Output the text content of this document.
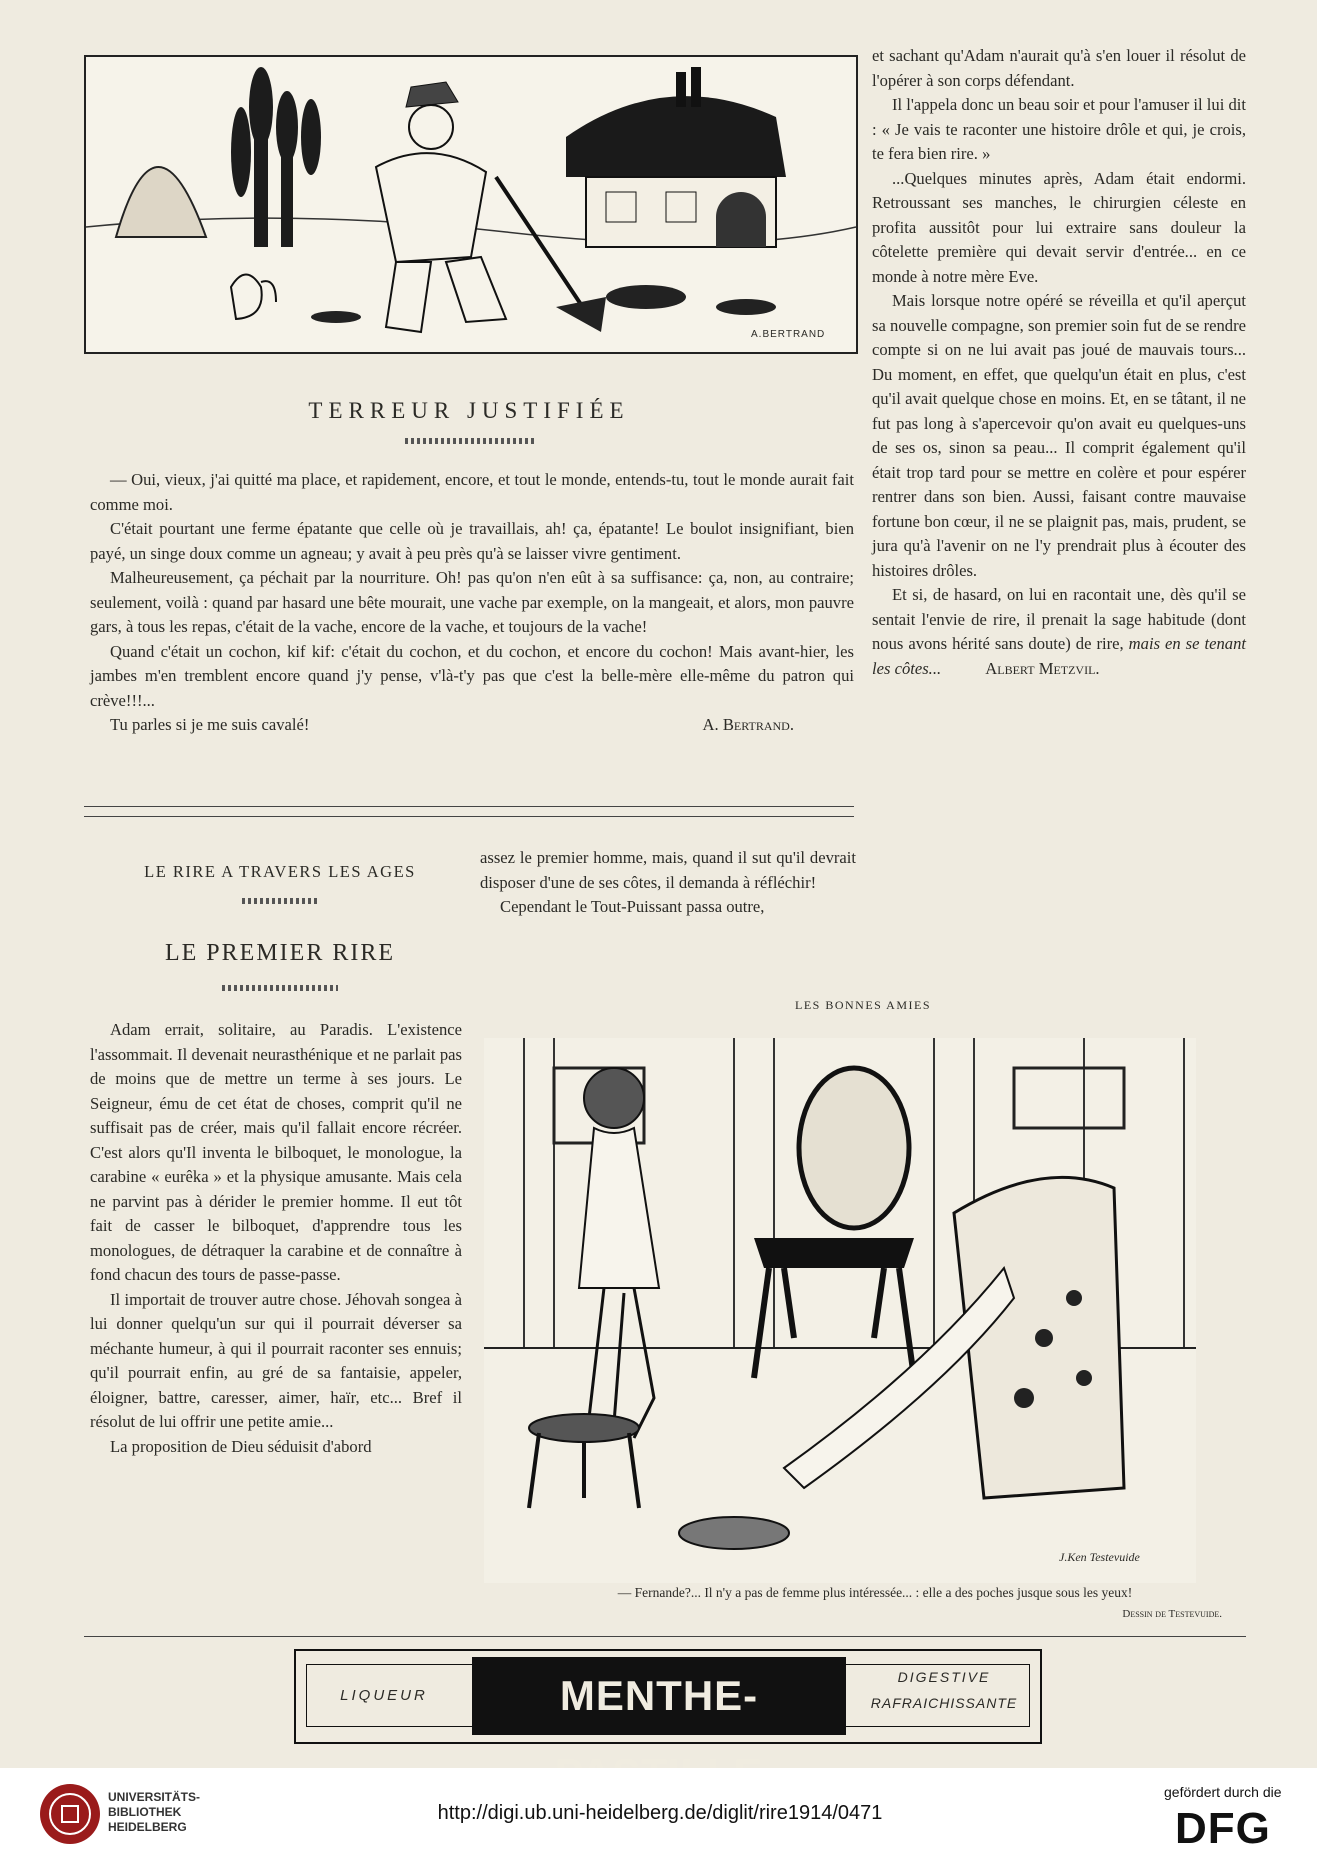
A.BERTRAND
TERREUR JUSTIFIÉE

— Oui, vieux, j'ai quitté ma place, et rapidement, encore, et tout le monde, entends-tu, tout le monde aurait fait comme moi.

C'était pourtant une ferme épatante que celle où je travaillais, ah! ça, épatante! Le boulot insignifiant, bien payé, un singe doux comme un agneau; y avait à peu près qu'à se laisser vivre gentiment.

Malheureusement, ça péchait par la nourriture. Oh! pas qu'on n'en eût à sa suffisance: ça, non, au contraire; seulement, voilà : quand par hasard une bête mourait, une vache par exemple, on la mangeait, et alors, mon pauvre gars, à tous les repas, c'était de la vache, encore de la vache, et toujours de la vache!

Quand c'était un cochon, kif kif: c'était du cochon, et du cochon, et encore du cochon! Mais avant-hier, les jambes m'en tremblent encore quand j'y pense, v'là-t'y pas que c'est la belle-mère elle-même du patron qui crève!!!...

Tu parles si je me suis cavalé!	A. Bertrand.
LE RIRE A TRAVERS LES AGES
LE PREMIER RIRE

Adam errait, solitaire, au Paradis. L'existence l'assommait. Il devenait neurasthénique et ne parlait pas de moins que de mettre un terme à ses jours. Le Seigneur, ému de cet état de choses, comprit qu'il ne suffisait pas de créer, mais qu'il fallait encore récréer. C'est alors qu'Il inventa le bilboquet, le monologue, la carabine « eurêka » et la physique amusante. Mais cela ne parvint pas à dérider le premier homme. Il eut tôt fait de casser le bilboquet, d'apprendre tous les monologues, de détraquer la carabine et de connaître à fond chacun des tours de passe-passe.

Il importait de trouver autre chose. Jéhovah songea à lui donner quelqu'un sur qui il pourrait déverser sa méchante humeur, à qui il pourrait raconter ses ennuis; qu'il pourrait enfin, au gré de sa fantaisie, appeler, éloigner, battre, caresser, aimer, haïr, etc... Bref il résolut de lui offrir une petite amie...

La proposition de Dieu séduisit d'abord

assez le premier homme, mais, quand il sut qu'il devrait disposer d'une de ses côtes, il demanda à réfléchir!

Cependant le Tout-Puissant passa outre,

et sachant qu'Adam n'aurait qu'à s'en louer il résolut de l'opérer à son corps défendant.

Il l'appela donc un beau soir et pour l'amuser il lui dit : « Je vais te raconter une histoire drôle et qui, je crois, te fera bien rire. »

...Quelques minutes après, Adam était endormi. Retroussant ses manches, le chirurgien céleste en profita aussitôt pour lui extraire sans douleur la côtelette première qui devait servir d'entrée... en ce monde à notre mère Eve.

Mais lorsque notre opéré se réveilla et qu'il aperçut sa nouvelle compagne, son premier soin fut de se rendre compte si on ne lui avait pas joué de mauvais tours... Du moment, en effet, que quelqu'un était en plus, c'est qu'il avait quelque chose en moins. Et, en se tâtant, il ne fut pas long à s'apercevoir qu'on avait eu quelques-uns de ses os, sinon sa peau... Il comprit également qu'il était trop tard pour se mettre en colère et pour espérer rentrer dans son bien. Aussi, faisant contre mauvaise fortune bon cœur, il ne se plaignit pas, mais, prudent, se jura qu'à l'avenir on ne l'y prendrait plus à écouter des histoires drôles.

Et si, de hasard, on lui en racontait une, dès qu'il se sentait l'envie de rire, il prenait la sage habitude (dont nous avons hérité sans doute) de rire, mais en se tenant les côtes...	Albert Metzvil.

LES BONNES AMIES
J.Ken Testevuide
— Fernande?... Il n'y a pas de femme plus intéressée... : elle a des poches jusque sous les yeux!
Dessin de Testevuide.
LIQUEUR	MENTHE-	DIGESTIVE
RAFRAICHISSANTE
UNIVERSITÄTS-
BIBLIOTHEK
HEIDELBERG
http://digi.ub.uni-heidelberg.de/diglit/rire1914/0471
gefördert durch die
DFG
